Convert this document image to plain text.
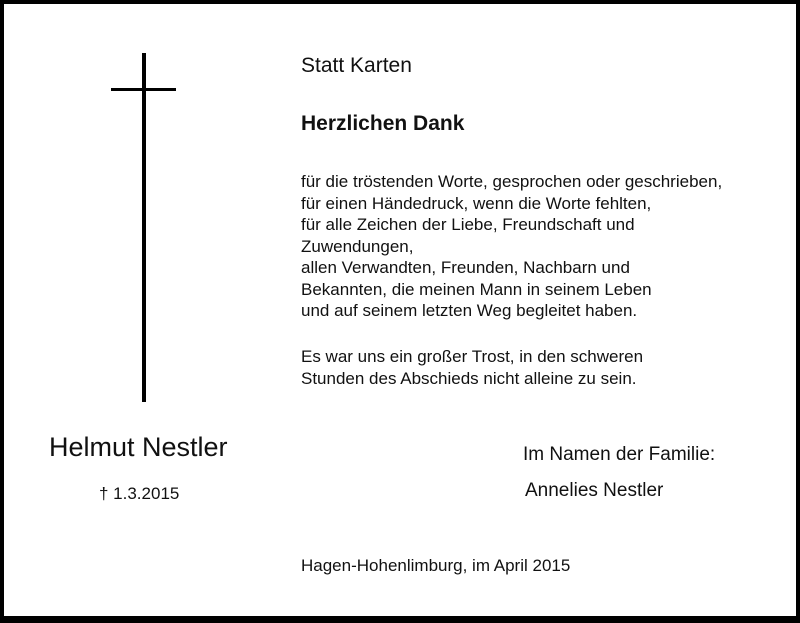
Statt Karten
Herzlichen Dank
für die tröstenden Worte, gesprochen oder geschrieben,
für einen Händedruck, wenn die Worte fehlten,
für alle Zeichen der Liebe, Freundschaft und
Zuwendungen,
allen Verwandten, Freunden, Nachbarn und
Bekannten, die meinen Mann in seinem Leben
und auf seinem letzten Weg begleitet haben.
Es war uns ein großer Trost, in den schweren
Stunden des Abschieds nicht alleine zu sein.
Helmut Nestler
† 1.3.2015
Im Namen der Familie:
Annelies Nestler
Hagen-Hohenlimburg, im April 2015
